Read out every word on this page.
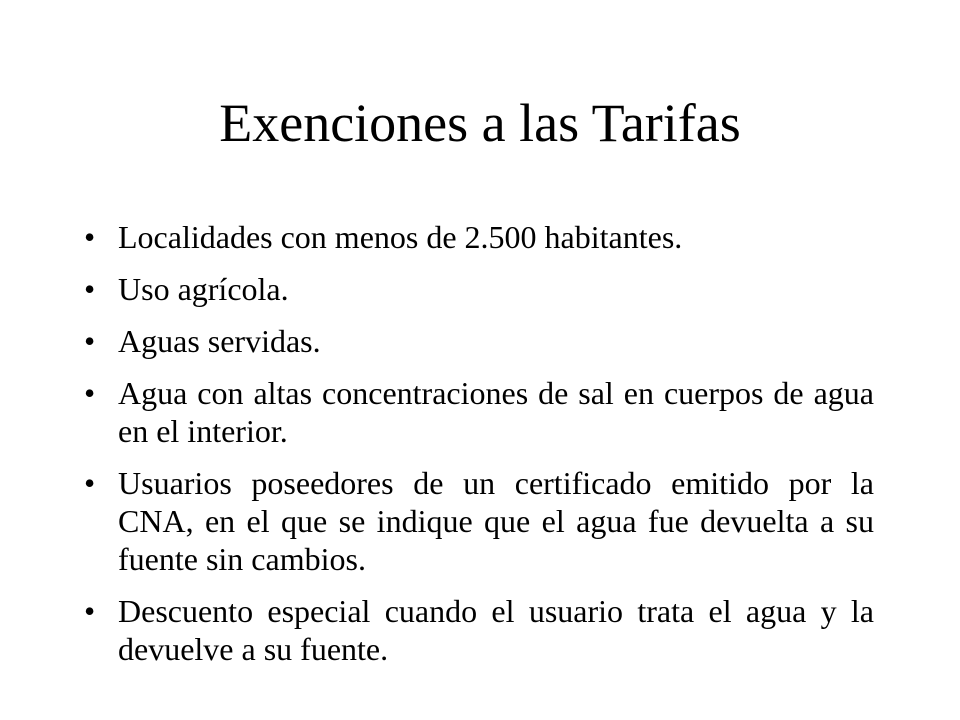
Exenciones a las Tarifas
• Localidades con menos de 2.500 habitantes.
• Uso agrícola.
• Aguas servidas.
• Agua con altas concentraciones de sal en cuerpos de agua en el interior.
• Usuarios poseedores de un certificado emitido por la CNA, en el que se indique que el agua fue devuelta a su fuente sin cambios.
• Descuento especial cuando el usuario trata el agua y la devuelve a su fuente.
